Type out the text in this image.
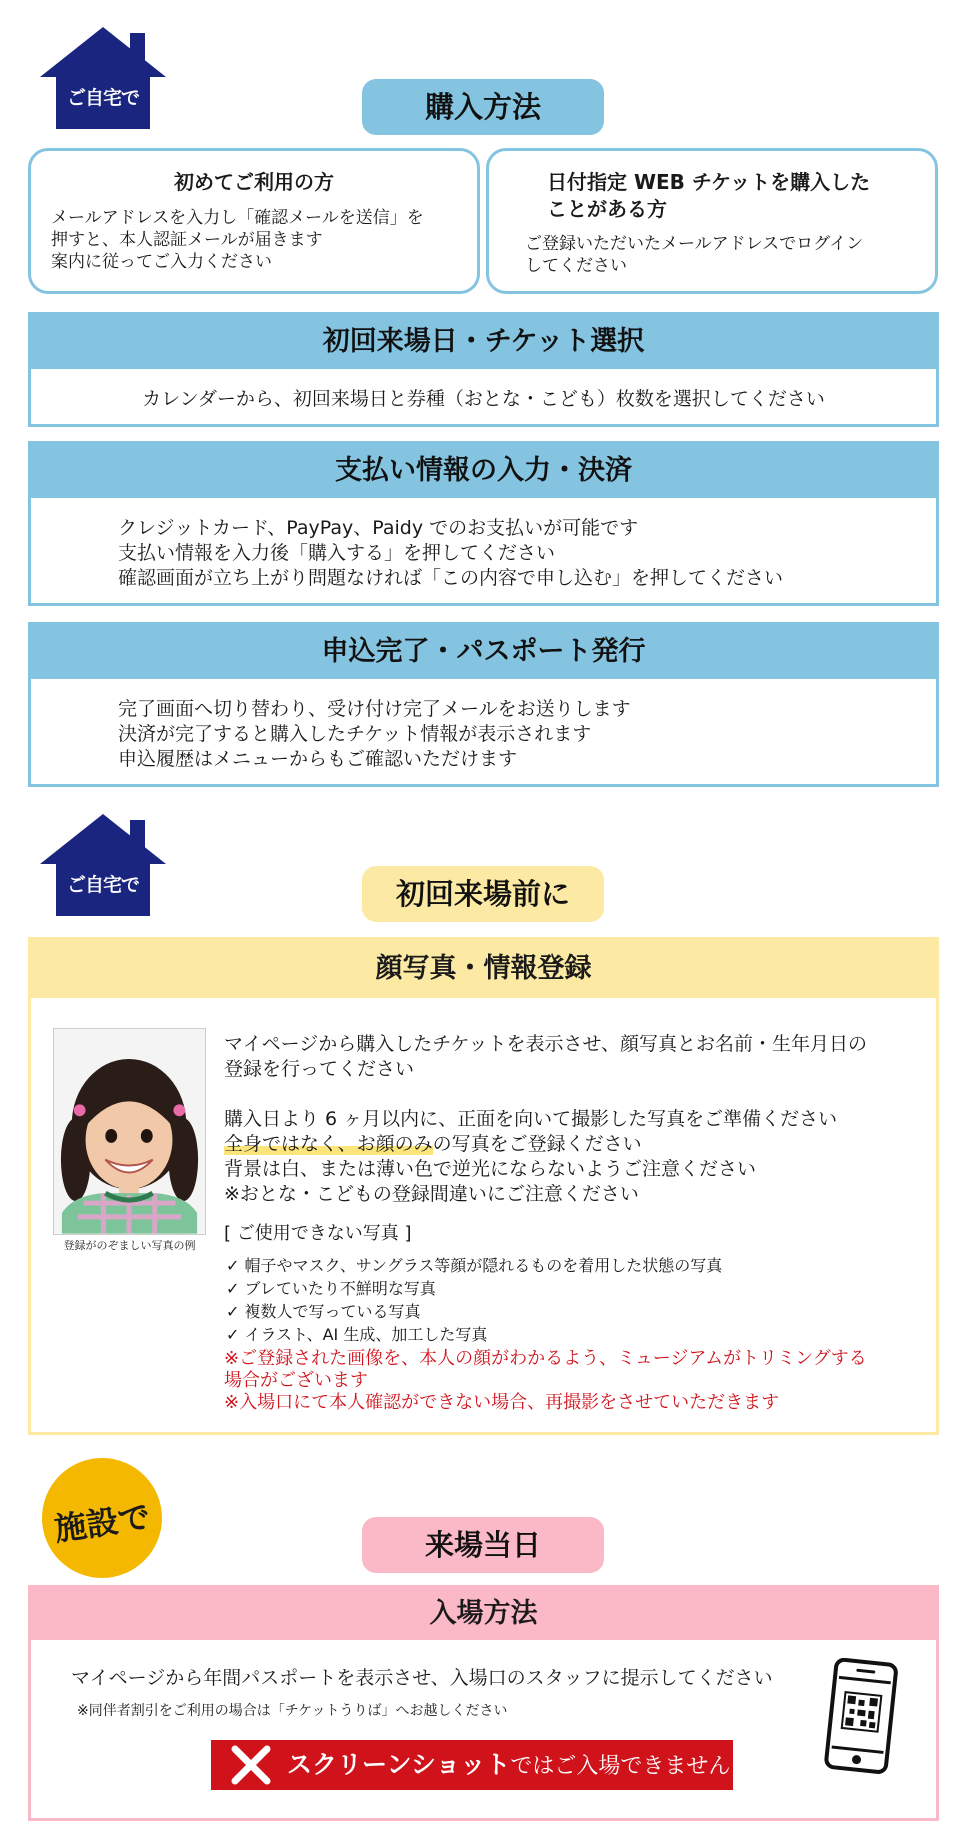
ご自宅で	購入方法
初めてご利用の方
メールアドレスを入力し「確認メールを送信」を
押すと、本人認証メールが届きます
案内に従ってご入力ください
日付指定 WEB チケットを購入した
ことがある方
ご登録いただいたメールアドレスでログイン
してください
初回来場日・チケット選択
カレンダーから、初回来場日と券種（おとな・こども）枚数を選択してください
支払い情報の入力・決済
クレジットカード、PayPay、Paidy でのお支払いが可能です
支払い情報を入力後「購入する」を押してください
確認画面が立ち上がり問題なければ「この内容で申し込む」を押してください
申込完了・パスポート発行
完了画面へ切り替わり、受け付け完了メールをお送りします
決済が完了すると購入したチケット情報が表示されます
申込履歴はメニューからもご確認いただけます
ご自宅で	初回来場前に
顔写真・情報登録
登録がのぞましい写真の例
マイページから購入したチケットを表示させ、顔写真とお名前・生年月日の
登録を行ってください
購入日より 6 ヶ月以内に、正面を向いて撮影した写真をご準備ください
全身ではなく、お顔のみの写真をご登録ください
背景は白、または薄い色で逆光にならないようご注意ください
※おとな・こどもの登録間違いにご注意ください
[ ご使用できない写真 ]
✓ 帽子やマスク、サングラス等顔が隠れるものを着用した状態の写真
✓ ブレていたり不鮮明な写真
✓ 複数人で写っている写真
✓ イラスト、AI 生成、加工した写真
※ご登録された画像を、本人の顔がわかるよう、ミュージアムがトリミングする
場合がございます
※入場口にて本人確認ができない場合、再撮影をさせていただきます
施設で	来場当日
入場方法
マイページから年間パスポートを表示させ、入場口のスタッフに提示してください
※同伴者割引をご利用の場合は「チケットうりば」へお越しください
スクリーンショットではご入場できません
